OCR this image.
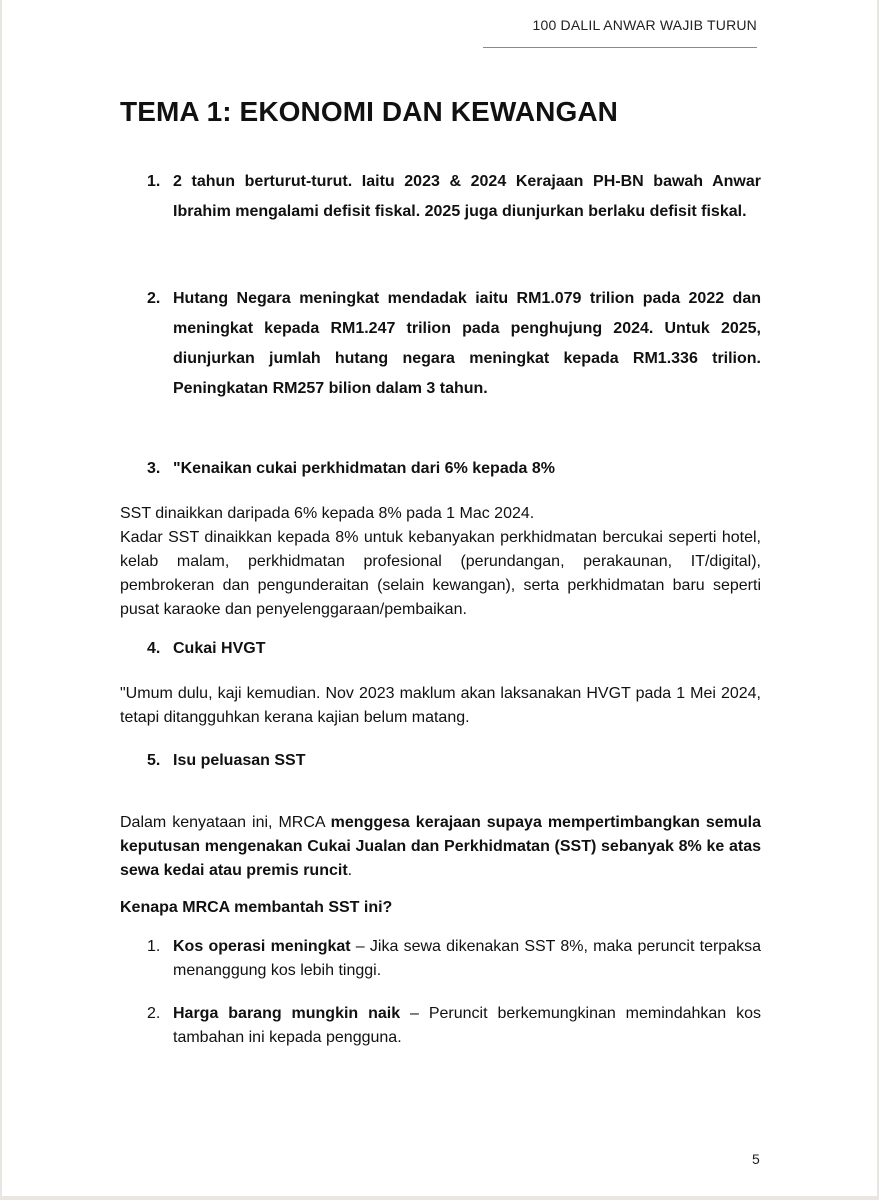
100 DALIL ANWAR WAJIB TURUN
TEMA 1: EKONOMI DAN KEWANGAN
1. 2 tahun berturut-turut. Iaitu 2023 & 2024 Kerajaan PH-BN bawah Anwar Ibrahim mengalami defisit fiskal. 2025 juga diunjurkan berlaku defisit fiskal.
2. Hutang Negara meningkat mendadak iaitu RM1.079 trilion pada 2022 dan meningkat kepada RM1.247 trilion pada penghujung 2024. Untuk 2025, diunjurkan jumlah hutang negara meningkat kepada RM1.336 trilion. Peningkatan RM257 bilion dalam 3 tahun.
3. "Kenaikan cukai perkhidmatan dari 6% kepada 8%
SST dinaikkan daripada 6% kepada 8% pada 1 Mac 2024.
Kadar SST dinaikkan kepada 8% untuk kebanyakan perkhidmatan bercukai seperti hotel, kelab malam, perkhidmatan profesional (perundangan, perakaunan, IT/digital), pembrokeran dan pengunderaitan (selain kewangan), serta perkhidmatan baru seperti pusat karaoke dan penyelenggaraan/pembaikan.
4. Cukai HVGT
"Umum dulu, kaji kemudian. Nov 2023 maklum akan laksanakan HVGT pada 1 Mei 2024, tetapi ditangguhkan kerana kajian belum matang.
5. Isu peluasan SST
Dalam kenyataan ini, MRCA menggesa kerajaan supaya mempertimbangkan semula keputusan mengenakan Cukai Jualan dan Perkhidmatan (SST) sebanyak 8% ke atas sewa kedai atau premis runcit.
Kenapa MRCA membantah SST ini?
1. Kos operasi meningkat – Jika sewa dikenakan SST 8%, maka peruncit terpaksa menanggung kos lebih tinggi.
2. Harga barang mungkin naik – Peruncit berkemungkinan memindahkan kos tambahan ini kepada pengguna.
5
